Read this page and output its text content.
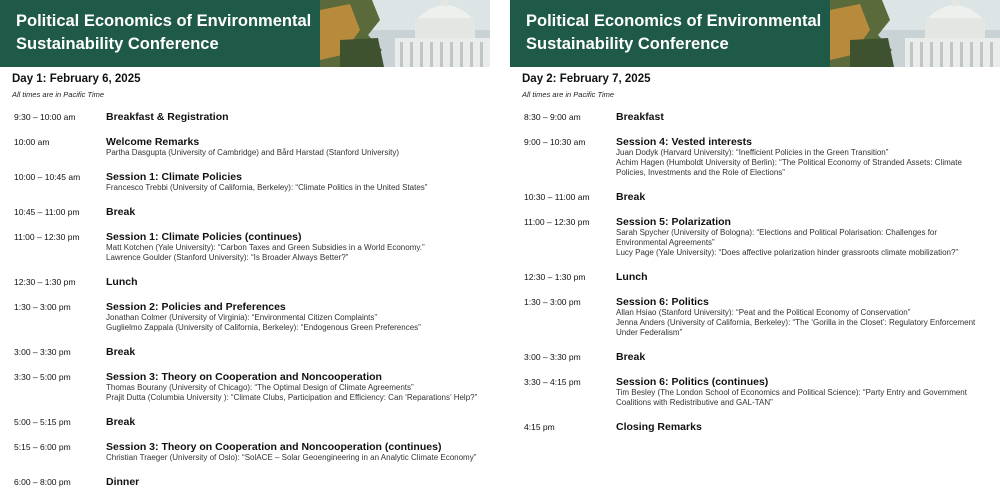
Political Economics of Environmental Sustainability Conference
Day 1: February 6, 2025
All times are in Pacific Time
9:30 – 10:00 am	Breakfast & Registration
10:00 am	Welcome Remarks
Partha Dasgupta (University of Cambridge) and Bård Harstad (Stanford University)
10:00 – 10:45 am	Session 1: Climate Policies
Francesco Trebbi (University of California, Berkeley): “Climate Politics in the United States”
10:45 – 11:00 pm	Break
11:00 – 12:30 pm	Session 1: Climate Policies (continues)
Matt Kotchen (Yale University): “Carbon Taxes and Green Subsidies in a World Economy.”
Lawrence Goulder (Stanford University): “Is Broader Always Better?”
12:30 – 1:30 pm	Lunch
1:30 – 3:00 pm	Session 2: Policies and Preferences
Jonathan Colmer (University of Virginia): “Environmental Citizen Complaints”
Guglielmo Zappala (University of California, Berkeley): “Endogenous Green Preferences”
3:00 – 3:30 pm	Break
3:30 – 5:00 pm	Session 3: Theory on Cooperation and Noncooperation
Thomas Bourany (University of Chicago): “The Optimal Design of Climate Agreements”
Prajit Dutta (Columbia University ): “Climate Clubs, Participation and Efficiency: Can ‘Reparations’ Help?”
5:00 – 5:15 pm	Break
5:15 – 6:00 pm	Session 3: Theory on Cooperation and Noncooperation (continues)
Christian Traeger (University of Oslo): “SolACE – Solar Geoengineering in an Analytic Climate Economy”
6:00 – 8:00 pm	Dinner
Political Economics of Environmental Sustainability Conference
Day 2: February 7, 2025
All times are in Pacific Time
8:30 – 9:00 am	Breakfast
9:00 – 10:30 am	Session 4: Vested interests
Juan Dodyk (Harvard University): “Inefficient Policies in the Green Transition”
Achim Hagen (Humboldt University of Berlin): “The Political Economy of Stranded Assets: Climate Policies, Investments and the Role of Elections”
10:30 – 11:00 am	Break
11:00 – 12:30 pm	Session 5: Polarization
Sarah Spycher (University of Bologna): “Elections and Political Polarisation: Challenges for Environmental Agreements”
Lucy Page (Yale University): “Does affective polarization hinder grassroots climate mobilization?”
12:30 – 1:30 pm	Lunch
1:30 – 3:00 pm	Session 6: Politics
Allan Hsiao (Stanford University): “Peat and the Political Economy of Conservation”
Jenna Anders (University of California, Berkeley): “The ‘Gorilla in the Closet’: Regulatory Enforcement Under Federalism”
3:00 – 3:30 pm	Break
3:30 – 4:15 pm	Session 6: Politics (continues)
Tim Besley (The London School of Economics and Political Science): “Party Entry and Government Coalitions with Redistributive and GAL-TAN”
4:15 pm	Closing Remarks
